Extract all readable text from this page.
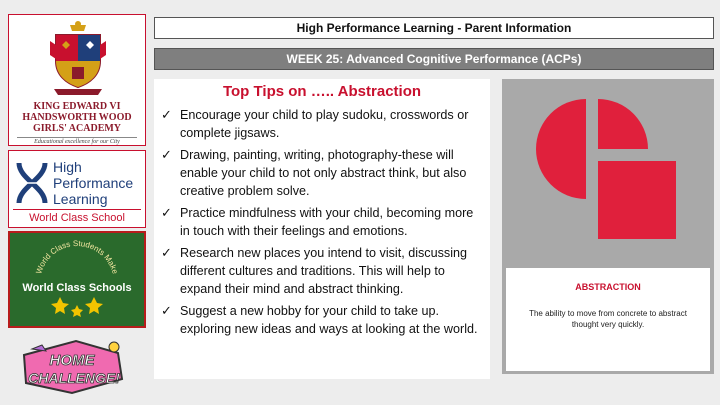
KING EDWARD VI
HANDSWORTH WOOD
GIRLS' ACADEMY
Educational excellence for our City
High
Performance
Learning
World Class School
World Class Students Make
World Class Schools
HOME
CHALLENGE!
High Performance Learning - Parent Information
WEEK 25: Advanced Cognitive Performance (ACPs)
Top Tips on ….. Abstraction
✓ Encourage your child to play sudoku, crosswords or complete jigsaws.
✓ Drawing, painting, writing, photography-these will enable your child to not only abstract think, but also creative problem solve.
✓ Practice mindfulness with your child, becoming more in touch with their feelings and emotions.
✓ Research new places you intend to visit, discussing different cultures and traditions. This will help to expand their mind and abstract thinking.
✓ Suggest a new hobby for your child to take up. exploring new ideas and ways at looking at the world.
ABSTRACTION
The ability to move from concrete to abstract thought very quickly.
